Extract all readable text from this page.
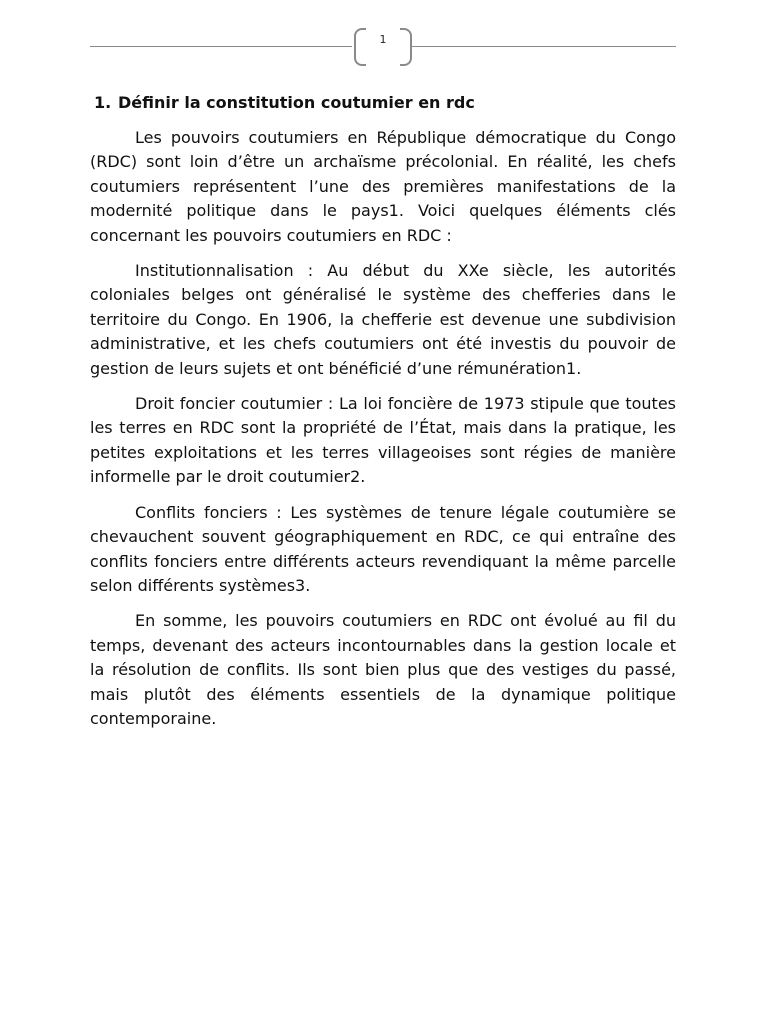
1
1. Définir la constitution coutumier en rdc

Les pouvoirs coutumiers en République démocratique du Congo (RDC) sont loin d’être un archaïsme précolonial. En réalité, les chefs coutumiers représentent l’une des premières manifestations de la modernité politique dans le pays1. Voici quelques éléments clés concernant les pouvoirs coutumiers en RDC :

Institutionnalisation : Au début du XXe siècle, les autorités coloniales belges ont généralisé le système des chefferies dans le territoire du Congo. En 1906, la chefferie est devenue une subdivision administrative, et les chefs coutumiers ont été investis du pouvoir de gestion de leurs sujets et ont bénéficié d’une rémunération1.

Droit foncier coutumier : La loi foncière de 1973 stipule que toutes les terres en RDC sont la propriété de l’État, mais dans la pratique, les petites exploitations et les terres villageoises sont régies de manière informelle par le droit coutumier2.

Conflits fonciers : Les systèmes de tenure légale coutumière se chevauchent souvent géographiquement en RDC, ce qui entraîne des conflits fonciers entre différents acteurs revendiquant la même parcelle selon différents systèmes3.

En somme, les pouvoirs coutumiers en RDC ont évolué au fil du temps, devenant des acteurs incontournables dans la gestion locale et la résolution de conflits. Ils sont bien plus que des vestiges du passé, mais plutôt des éléments essentiels de la dynamique politique contemporaine.
